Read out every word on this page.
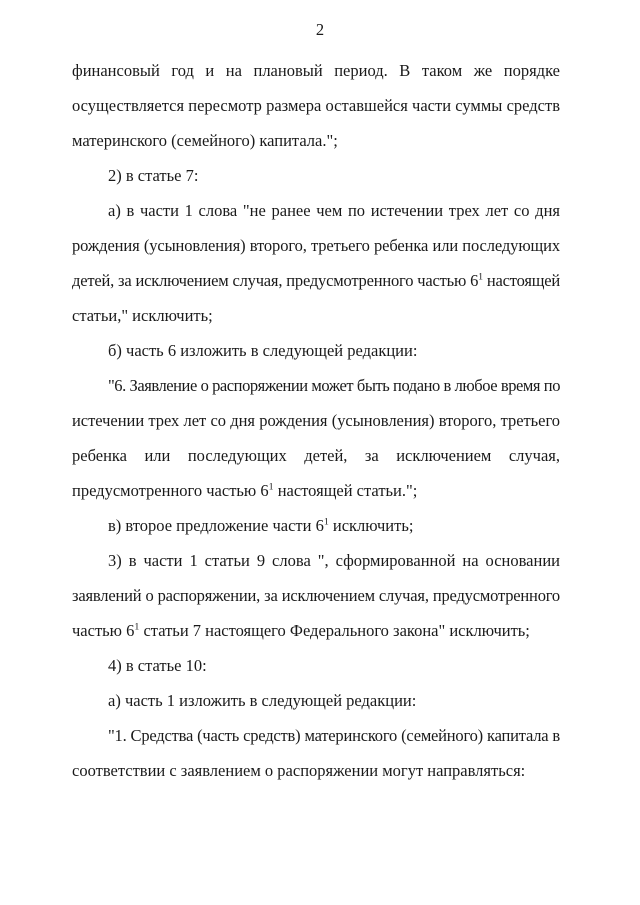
2
финансовый год и на плановый период. В таком же порядке
осуществляется пересмотр размера оставшейся части суммы средств
материнского (семейного) капитала.";
2) в статье 7:
а) в части 1 слова "не ранее чем по истечении трех лет со дня
рождения (усыновления) второго, третьего ребенка или последующих
детей, за исключением случая, предусмотренного частью $6^1$ настоящей
статьи," исключить;
б) часть 6 изложить в следующей редакции:
"6. Заявление о распоряжении может быть подано в любое время по
истечении трех лет со дня рождения (усыновления) второго, третьего
ребенка или последующих детей, за исключением случая,
предусмотренного частью $6^1$ настоящей статьи.";
в) второе предложение части $6^1$ исключить;
3) в части 1 статьи 9 слова ", сформированной на основании
заявлений о распоряжении, за исключением случая, предусмотренного
частью $6^1$ статьи 7 настоящего Федерального закона" исключить;
4) в статье 10:
а) часть 1 изложить в следующей редакции:
"1. Средства (часть средств) материнского (семейного) капитала в
соответствии с заявлением о распоряжении могут направляться:
